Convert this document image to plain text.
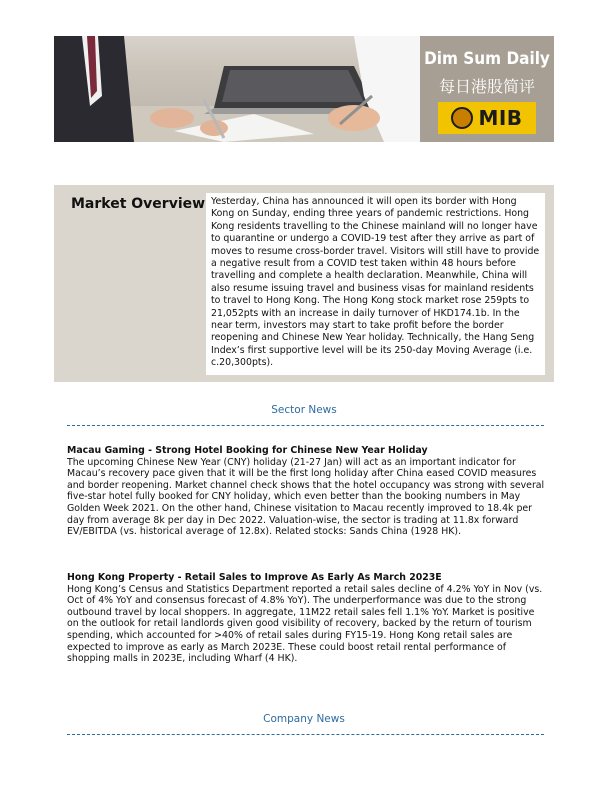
Dim Sum Daily
每日港股简评
MIB
Market Overview Yesterday, China has announced it will open its border with Hong Kong on Sunday, ending three years of pandemic restrictions. Hong Kong residents travelling to the Chinese mainland will no longer have to quarantine or undergo a COVID-19 test after they arrive as part of moves to resume cross-border travel. Visitors will still have to provide a negative result from a COVID test taken within 48 hours before travelling and complete a health declaration. Meanwhile, China will also resume issuing travel and business visas for mainland residents to travel to Hong Kong. The Hong Kong stock market rose 259pts to 21,052pts with an increase in daily turnover of HKD174.1b. In the near term, investors may start to take profit before the border reopening and Chinese New Year holiday. Technically, the Hang Seng Index’s first supportive level will be its 250-day Moving Average (i.e. c.20,300pts).
Sector News

Macau Gaming - Strong Hotel Booking for Chinese New Year Holiday

The upcoming Chinese New Year (CNY) holiday (21-27 Jan) will act as an important indicator for Macau’s recovery pace given that it will be the first long holiday after China eased COVID measures and border reopening. Market channel check shows that the hotel occupancy was strong with several five-star hotel fully booked for CNY holiday, which even better than the booking numbers in May Golden Week 2021. On the other hand, Chinese visitation to Macau recently improved to 18.4k per day from average 8k per day in Dec 2022. Valuation-wise, the sector is trading at 11.8x forward EV/EBITDA (vs. historical average of 12.8x). Related stocks: Sands China (1928 HK).

Hong Kong Property - Retail Sales to Improve As Early As March 2023E

Hong Kong’s Census and Statistics Department reported a retail sales decline of 4.2% YoY in Nov (vs. Oct of 4% YoY and consensus forecast of 4.8% YoY). The underperformance was due to the strong outbound travel by local shoppers. In aggregate, 11M22 retail sales fell 1.1% YoY. Market is positive on the outlook for retail landlords given good visibility of recovery, backed by the return of tourism spending, which accounted for >40% of retail sales during FY15-19. Hong Kong retail sales are expected to improve as early as March 2023E. These could boost retail rental performance of shopping malls in 2023E, including Wharf (4 HK).

Company News
